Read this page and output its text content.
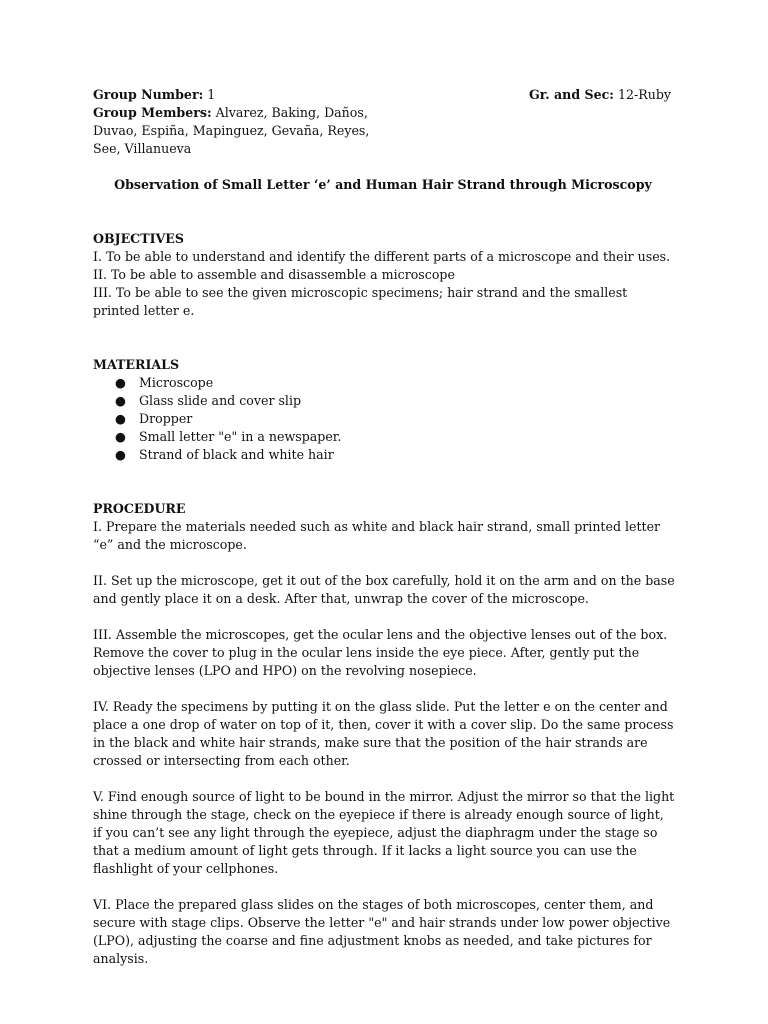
Group Number: 1	Gr. and Sec: 12-Ruby
Group Members: Alvarez, Baking, Daños, Duvao, Espiña, Mapinguez, Gevaña, Reyes, See, Villanueva
Observation of Small Letter ‘e’ and Human Hair Strand through Microscopy
OBJECTIVES

I. To be able to understand and identify the different parts of a microscope and their uses.

II. To be able to assemble and disassemble a microscope

III. To be able to see the given microscopic specimens; hair strand and the smallest printed letter e.

MATERIALS
● Microscope
● Glass slide and cover slip
● Dropper
● Small letter "e" in a newspaper.
● Strand of black and white hair
PROCEDURE

I. Prepare the materials needed such as white and black hair strand, small printed letter “e” and the microscope.

II. Set up the microscope, get it out of the box carefully, hold it on the arm and on the base and gently place it on a desk. After that, unwrap the cover of the microscope.

III. Assemble the microscopes, get the ocular lens and the objective lenses out of the box. Remove the cover to plug in the ocular lens inside the eye piece. After, gently put the objective lenses (LPO and HPO) on the revolving nosepiece.

IV. Ready the specimens by putting it on the glass slide. Put the letter e on the center and place a one drop of water on top of it, then, cover it with a cover slip. Do the same process in the black and white hair strands, make sure that the position of the hair strands are crossed or intersecting from each other.

V. Find enough source of light to be bound in the mirror. Adjust the mirror so that the light shine through the stage, check on the eyepiece if there is already enough source of light, if you can’t see any light through the eyepiece, adjust the diaphragm under the stage so that a medium amount of light gets through. If it lacks a light source you can use the flashlight of your cellphones.

VI. Place the prepared glass slides on the stages of both microscopes, center them, and secure with stage clips. Observe the letter "e" and hair strands under low power objective (LPO), adjusting the coarse and fine adjustment knobs as needed, and take pictures for analysis.
